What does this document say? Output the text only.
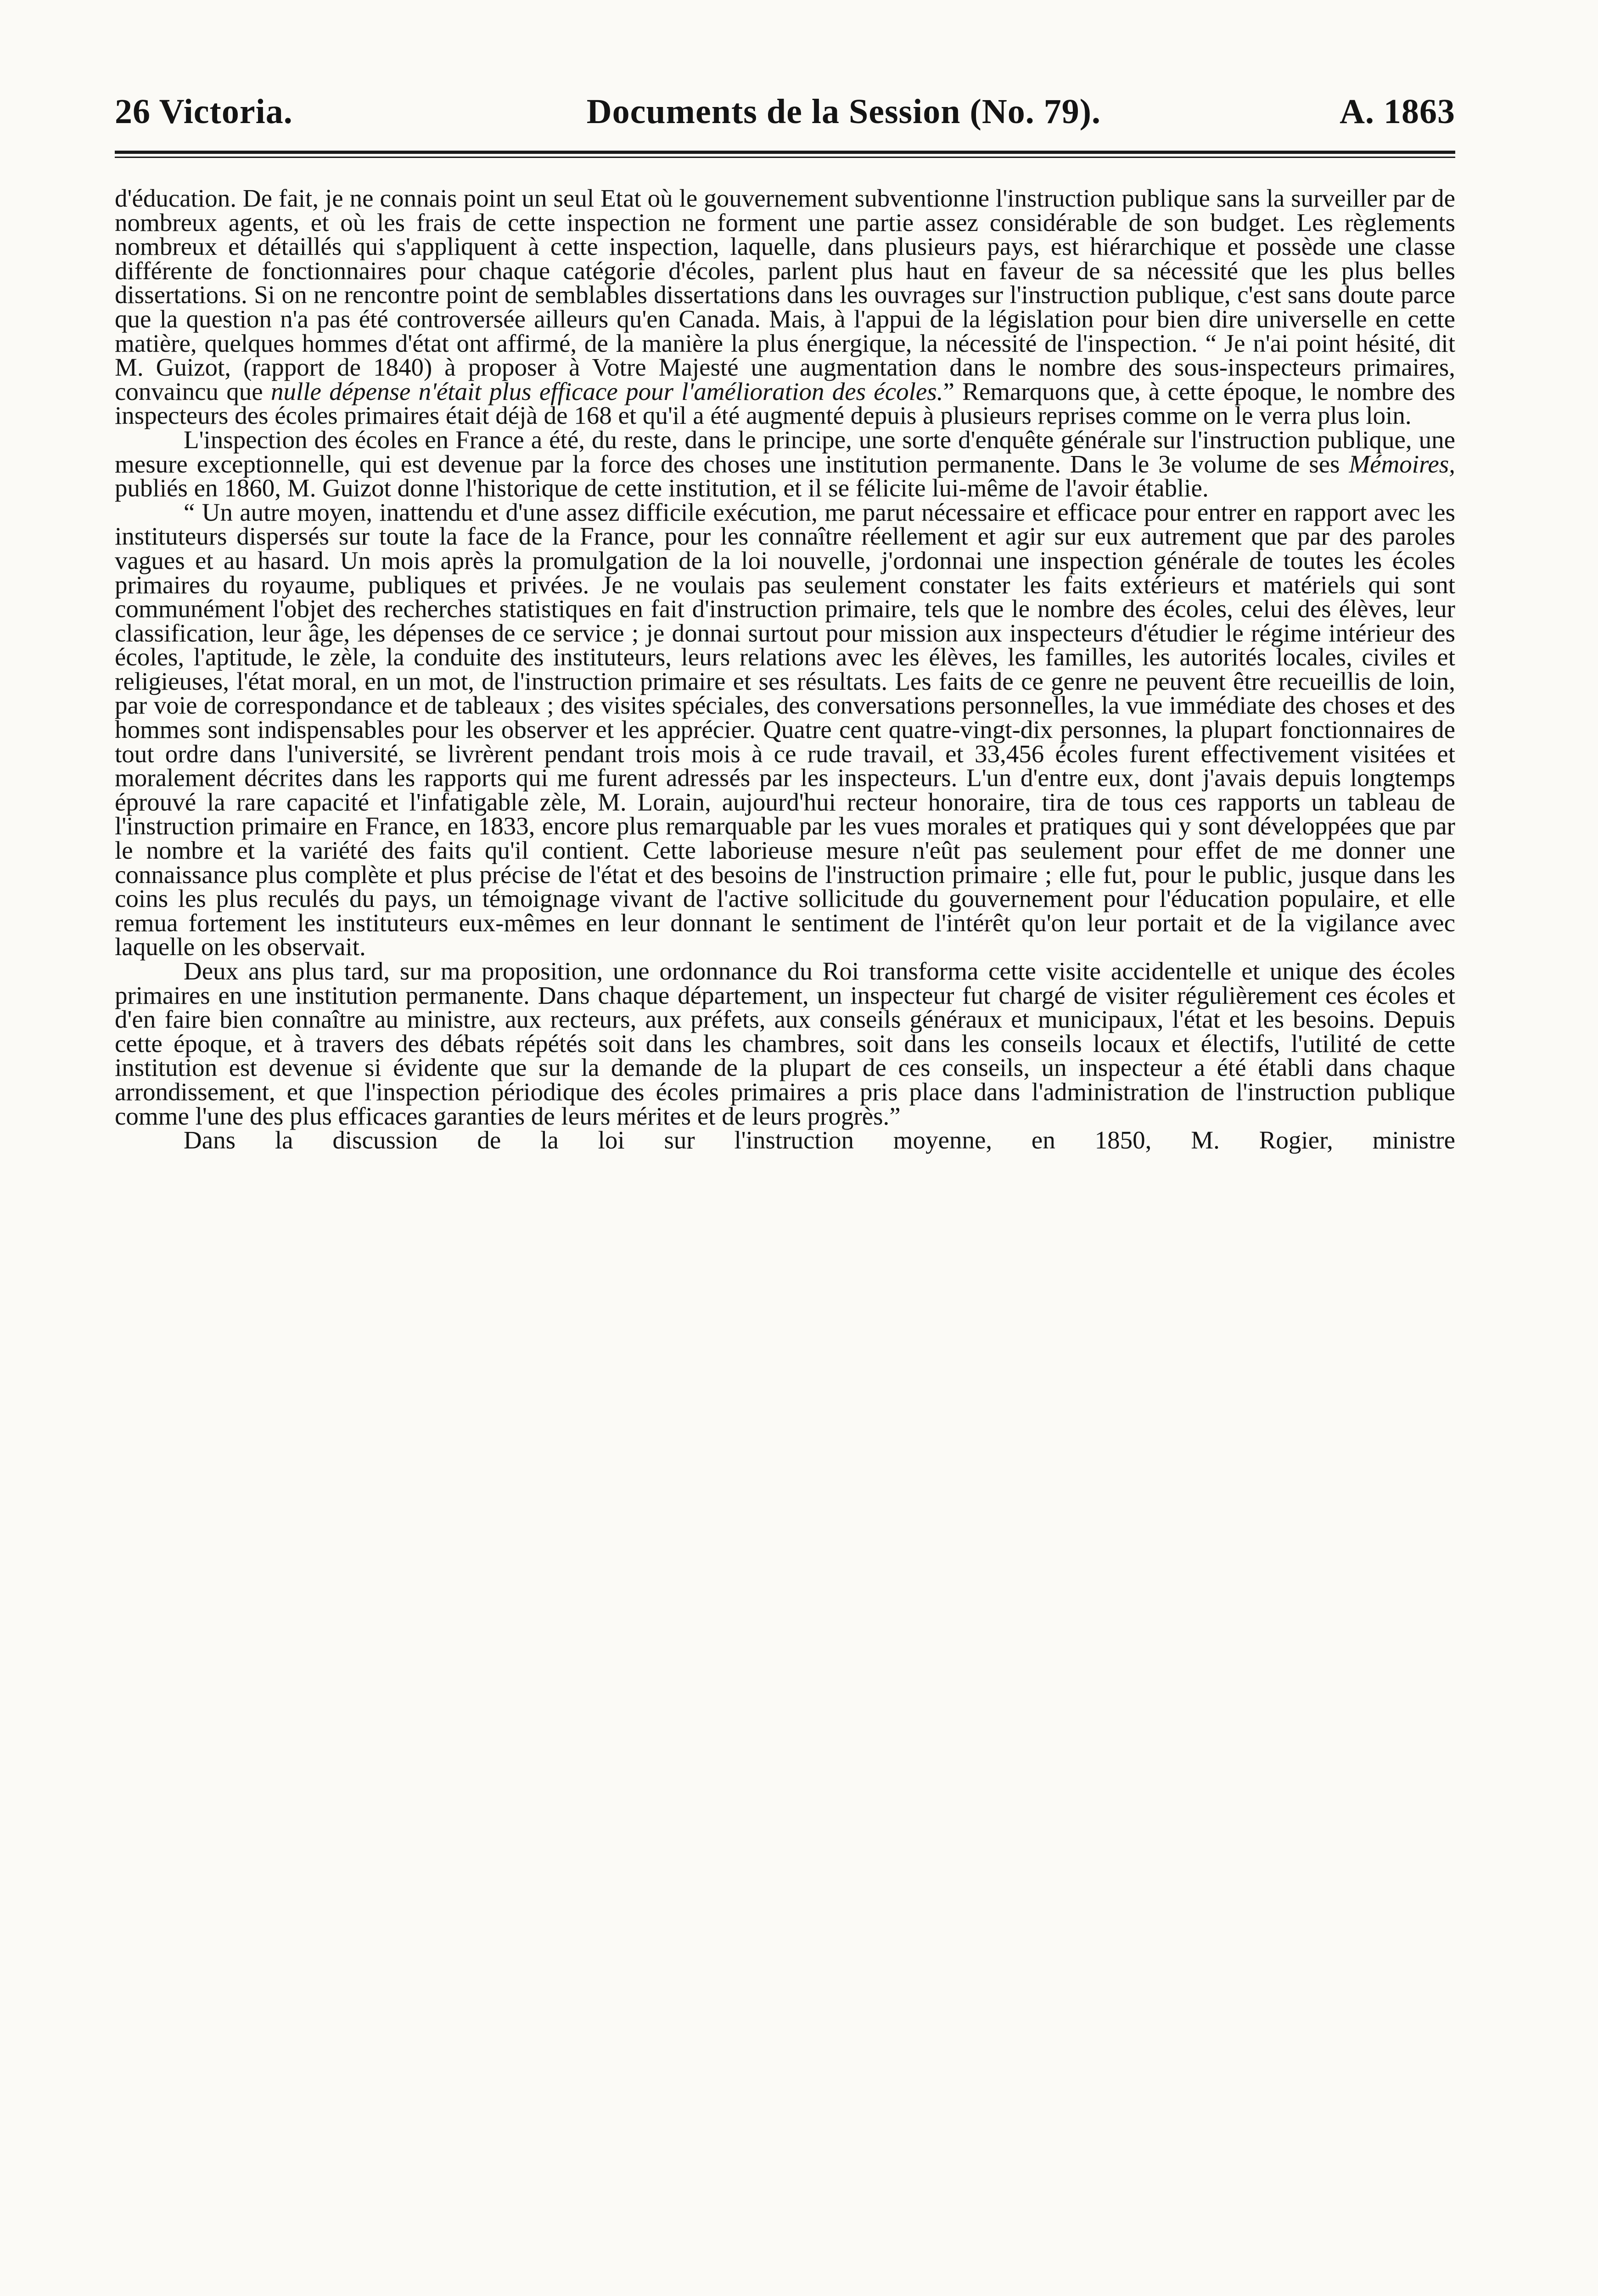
26 Victoria.	Documents de la Session (No. 79).	A. 1863

d'éducation. De fait, je ne connais point un seul Etat où le gouvernement subventionne l'instruction publique sans la surveiller par de nombreux agents, et où les frais de cette inspection ne forment une partie assez considérable de son budget. Les règlements nombreux et détaillés qui s'appliquent à cette inspection, laquelle, dans plusieurs pays, est hiérarchique et possède une classe différente de fonctionnaires pour chaque catégorie d'écoles, parlent plus haut en faveur de sa nécessité que les plus belles dissertations. Si on ne rencontre point de semblables dissertations dans les ouvrages sur l'instruction publique, c'est sans doute parce que la question n'a pas été controversée ailleurs qu'en Canada. Mais, à l'appui de la législation pour bien dire universelle en cette matière, quelques hommes d'état ont affirmé, de la manière la plus énergique, la nécessité de l'inspection. “ Je n'ai point hésité, dit M. Guizot, (rapport de 1840) à proposer à Votre Majesté une augmentation dans le nombre des sous-inspecteurs primaires, convaincu que nulle dépense n'était plus efficace pour l'amélioration des écoles.” Remarquons que, à cette époque, le nombre des inspecteurs des écoles primaires était déjà de 168 et qu'il a été augmenté depuis à plusieurs reprises comme on le verra plus loin.

L'inspection des écoles en France a été, du reste, dans le principe, une sorte d'enquête générale sur l'instruction publique, une mesure exceptionnelle, qui est devenue par la force des choses une institution permanente. Dans le 3e volume de ses Mémoires, publiés en 1860, M. Guizot donne l'historique de cette institution, et il se félicite lui-même de l'avoir établie.

“ Un autre moyen, inattendu et d'une assez difficile exécution, me parut nécessaire et efficace pour entrer en rapport avec les instituteurs dispersés sur toute la face de la France, pour les connaître réellement et agir sur eux autrement que par des paroles vagues et au hasard. Un mois après la promulgation de la loi nouvelle, j'ordonnai une inspection générale de toutes les écoles primaires du royaume, publiques et privées. Je ne voulais pas seulement constater les faits extérieurs et matériels qui sont communément l'objet des recherches statistiques en fait d'instruction primaire, tels que le nombre des écoles, celui des élèves, leur classification, leur âge, les dépenses de ce service ; je donnai surtout pour mission aux inspecteurs d'étudier le régime intérieur des écoles, l'aptitude, le zèle, la conduite des instituteurs, leurs relations avec les élèves, les familles, les autorités locales, civiles et religieuses, l'état moral, en un mot, de l'instruction primaire et ses résultats. Les faits de ce genre ne peuvent être recueillis de loin, par voie de correspondance et de tableaux ; des visites spéciales, des conversations personnelles, la vue immédiate des choses et des hommes sont indispensables pour les observer et les apprécier. Quatre cent quatre-vingt-dix personnes, la plupart fonctionnaires de tout ordre dans l'université, se livrèrent pendant trois mois à ce rude travail, et 33,456 écoles furent effectivement visitées et moralement décrites dans les rapports qui me furent adressés par les inspecteurs. L'un d'entre eux, dont j'avais depuis longtemps éprouvé la rare capacité et l'infatigable zèle, M. Lorain, aujourd'hui recteur honoraire, tira de tous ces rapports un tableau de l'instruction primaire en France, en 1833, encore plus remarquable par les vues morales et pratiques qui y sont développées que par le nombre et la variété des faits qu'il contient. Cette laborieuse mesure n'eût pas seulement pour effet de me donner une connaissance plus complète et plus précise de l'état et des besoins de l'instruction primaire ; elle fut, pour le public, jusque dans les coins les plus reculés du pays, un témoignage vivant de l'active sollicitude du gouvernement pour l'éducation populaire, et elle remua fortement les instituteurs eux-mêmes en leur donnant le sentiment de l'intérêt qu'on leur portait et de la vigilance avec laquelle on les observait.

Deux ans plus tard, sur ma proposition, une ordonnance du Roi transforma cette visite accidentelle et unique des écoles primaires en une institution permanente. Dans chaque département, un inspecteur fut chargé de visiter régulièrement ces écoles et d'en faire bien connaître au ministre, aux recteurs, aux préfets, aux conseils généraux et municipaux, l'état et les besoins. Depuis cette époque, et à travers des débats répétés soit dans les chambres, soit dans les conseils locaux et électifs, l'utilité de cette institution est devenue si évidente que sur la demande de la plupart de ces conseils, un inspecteur a été établi dans chaque arrondissement, et que l'inspection périodique des écoles primaires a pris place dans l'administration de l'instruction publique comme l'une des plus efficaces garanties de leurs mérites et de leurs progrès.”

Dans la discussion de la loi sur l'instruction moyenne, en 1850, M. Rogier, ministre
